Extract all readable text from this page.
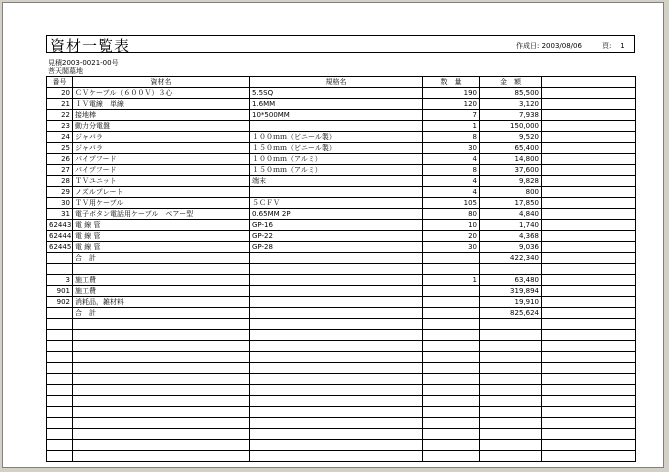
資材一覧表	作成日: 2003/08/06	頁: 1
見積2003-0021-00号
菩天閣墓地
番号	資材名	規格名	数　量	金　額	
20	ＣＶケーブル（６００Ｖ）３心	5.5SQ	190	85,500	
21	ＩＶ電線　単線	1.6MM	120	3,120	
22	接地棒	10*500MM	7	7,938	
23	動力分電盤		1	150,000	
24	ジャバラ	１００ｍｍ（ビニール製）	8	9,520	
25	ジャバラ	１５０ｍｍ（ビニール製）	30	65,400	
26	パイプフード	１００ｍｍ（アルミ）	4	14,800	
27	パイプフード	１５０ｍｍ（アルミ）	8	37,600	
28	ＴＶユニット	端末	4	9,828	
29	ノズルプレート		4	800	
30	ＴＶ用ケーブル	５ＣＦＶ	105	17,850	
31	電子ボタン電話用ケーブル　ペアー型	0.65MM 2P	80	4,840	
62443	電 線 管	GP-16	10	1,740	
62444	電 線 管	GP-22	20	4,368	
62445	電 線 管	GP-28	30	9,036	
	合　計			422,340	

3	施工費		1	63,480	
901	施工費			319,894	
902	消耗品，雑材料			19,910	
	合　計			825,624	
